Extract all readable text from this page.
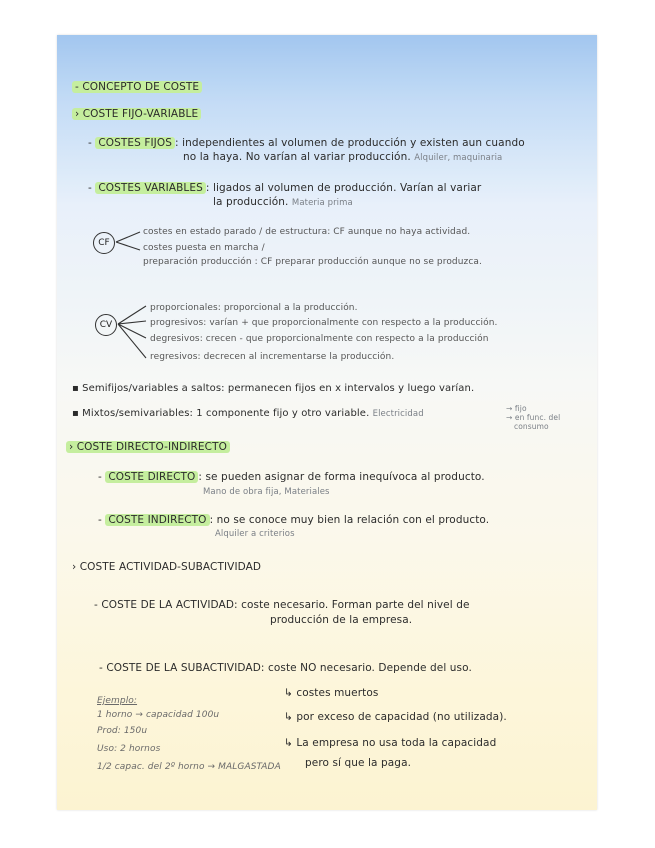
- CONCEPTO DE COSTE
› COSTE FIJO-VARIABLE
- COSTES FIJOS : independientes al volumen de producción y existen aun cuando
no la haya. No varían al variar producción. Alquiler, maquinaria
- COSTES VARIABLES : ligados al volumen de producción. Varían al variar
la producción. Materia prima
CF
costes en estado parado / de estructura: CF aunque no haya actividad.
costes puesta en marcha /
preparación producción : CF preparar producción aunque no se produzca.
CV
proporcionales: proporcional a la producción.
progresivos: varían + que proporcionalmente con respecto a la producción.
degresivos: crecen - que proporcionalmente con respecto a la producción
regresivos: decrecen al incrementarse la producción.
▪ Semifijos/variables a saltos: permanecen fijos en x intervalos y luego varían.
▪ Mixtos/semivariables: 1 componente fijo y otro variable. Electricidad
→ fijo
→ en func. del
consumo
› COSTE DIRECTO-INDIRECTO
- COSTE DIRECTO : se pueden asignar de forma inequívoca al producto.
Mano de obra fija, Materiales
- COSTE INDIRECTO : no se conoce muy bien la relación con el producto.
Alquiler a criterios
› COSTE ACTIVIDAD-SUBACTIVIDAD
- COSTE DE LA ACTIVIDAD: coste necesario. Forman parte del nivel de
producción de la empresa.
- COSTE DE LA SUBACTIVIDAD: coste NO necesario. Depende del uso.
↳ costes muertos
↳ por exceso de capacidad (no utilizada).
↳ La empresa no usa toda la capacidad
pero sí que la paga.
Ejemplo:
1 horno → capacidad 100u
Prod: 150u
Uso: 2 hornos
1/2 capac. del 2º horno → MALGASTADA
